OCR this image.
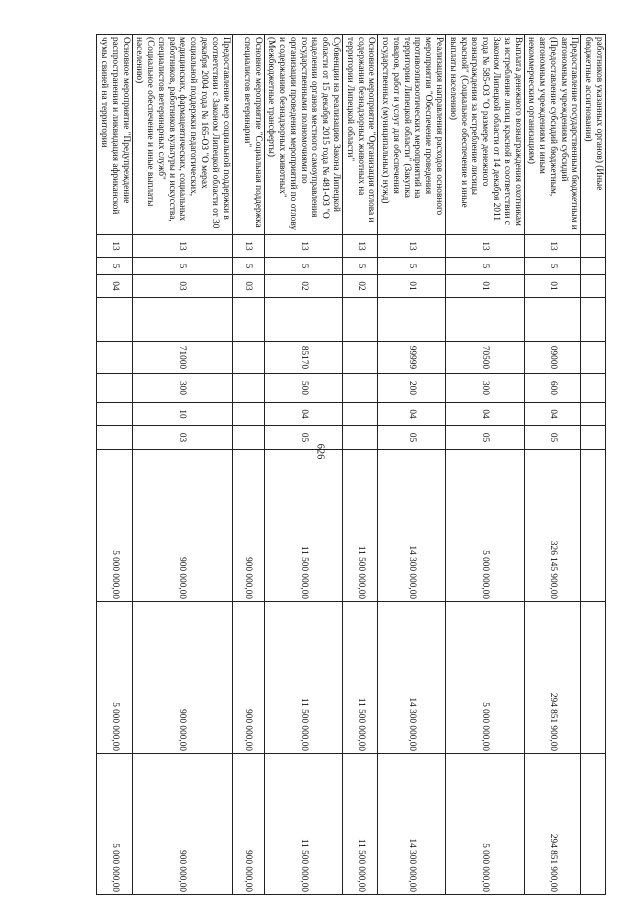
626
работников указанных органов) (Иные бюджетные ассигнования)											
Предоставление государственным бюджетным и автономным учреждениям субсидий (Предоставление субсидий бюджетным, автономным учреждениям и иным некоммерческим организациям)	13	5	01		09000	600	04	05	326 145 900,00	294 851 900,00	294 851 900,00
Выплата денежного вознаграждения охотникам за истребление лисиц красной в соответствии с Законом Липецкой области от 14 декабря 2011 года № 585-ОЗ "О размере денежного вознаграждения за истребление лисицы красной" (Социальное обеспечение и иные выплаты населению)	13	5	01		70500	300	04	05	5 000 000,00	5 000 000,00	5 000 000,00
Реализация направления расходов основного мероприятия "Обеспечение проведения противоэпизоотических мероприятий на территории Липецкой области" (Закупка товаров, работ и услуг для обеспечения государственных (муниципальных) нужд)	13	5	01		99999	200	04	05	14 300 000,00	14 300 000,00	14 300 000,00
Основное мероприятие "Организация отлова и содержания безнадзорных животных на территории Липецкой области"	13	5	02						11 500 000,00	11 500 000,00	11 500 000,00
Субвенции на реализацию Закона Липецкой области от 15 декабря 2015 года № 481-ОЗ "О наделении органов местного самоуправления государственными полномочиями по организации проведения мероприятий по отлову и содержанию безнадзорных животных" (Межбюджетные трансферты)	13	5	02		85170	500	04	05	11 500 000,00	11 500 000,00	11 500 000,00
Основное мероприятие "Социальная поддержка специалистов ветеринарии"	13	5	03						900 000,00	900 000,00	900 000,00
Предоставление мер социальной поддержки в соответствии с Законом Липецкой области от 30 декабря 2004 года № 165-ОЗ "О мерах социальной поддержки педагогических, медицинских, фармацевтических, социальных работников, работников культуры и искусства, специалистов ветеринарных служб" (Социальное обеспечение и иные выплаты населению)	13	5	03		71000	300	10	03	900 000,00	900 000,00	900 000,00
Основное мероприятие "Предупреждение распространения и ликвидация африканской чумы свиней на территории	13	5	04						5 000 000,00	5 000 000,00	5 000 000,00
